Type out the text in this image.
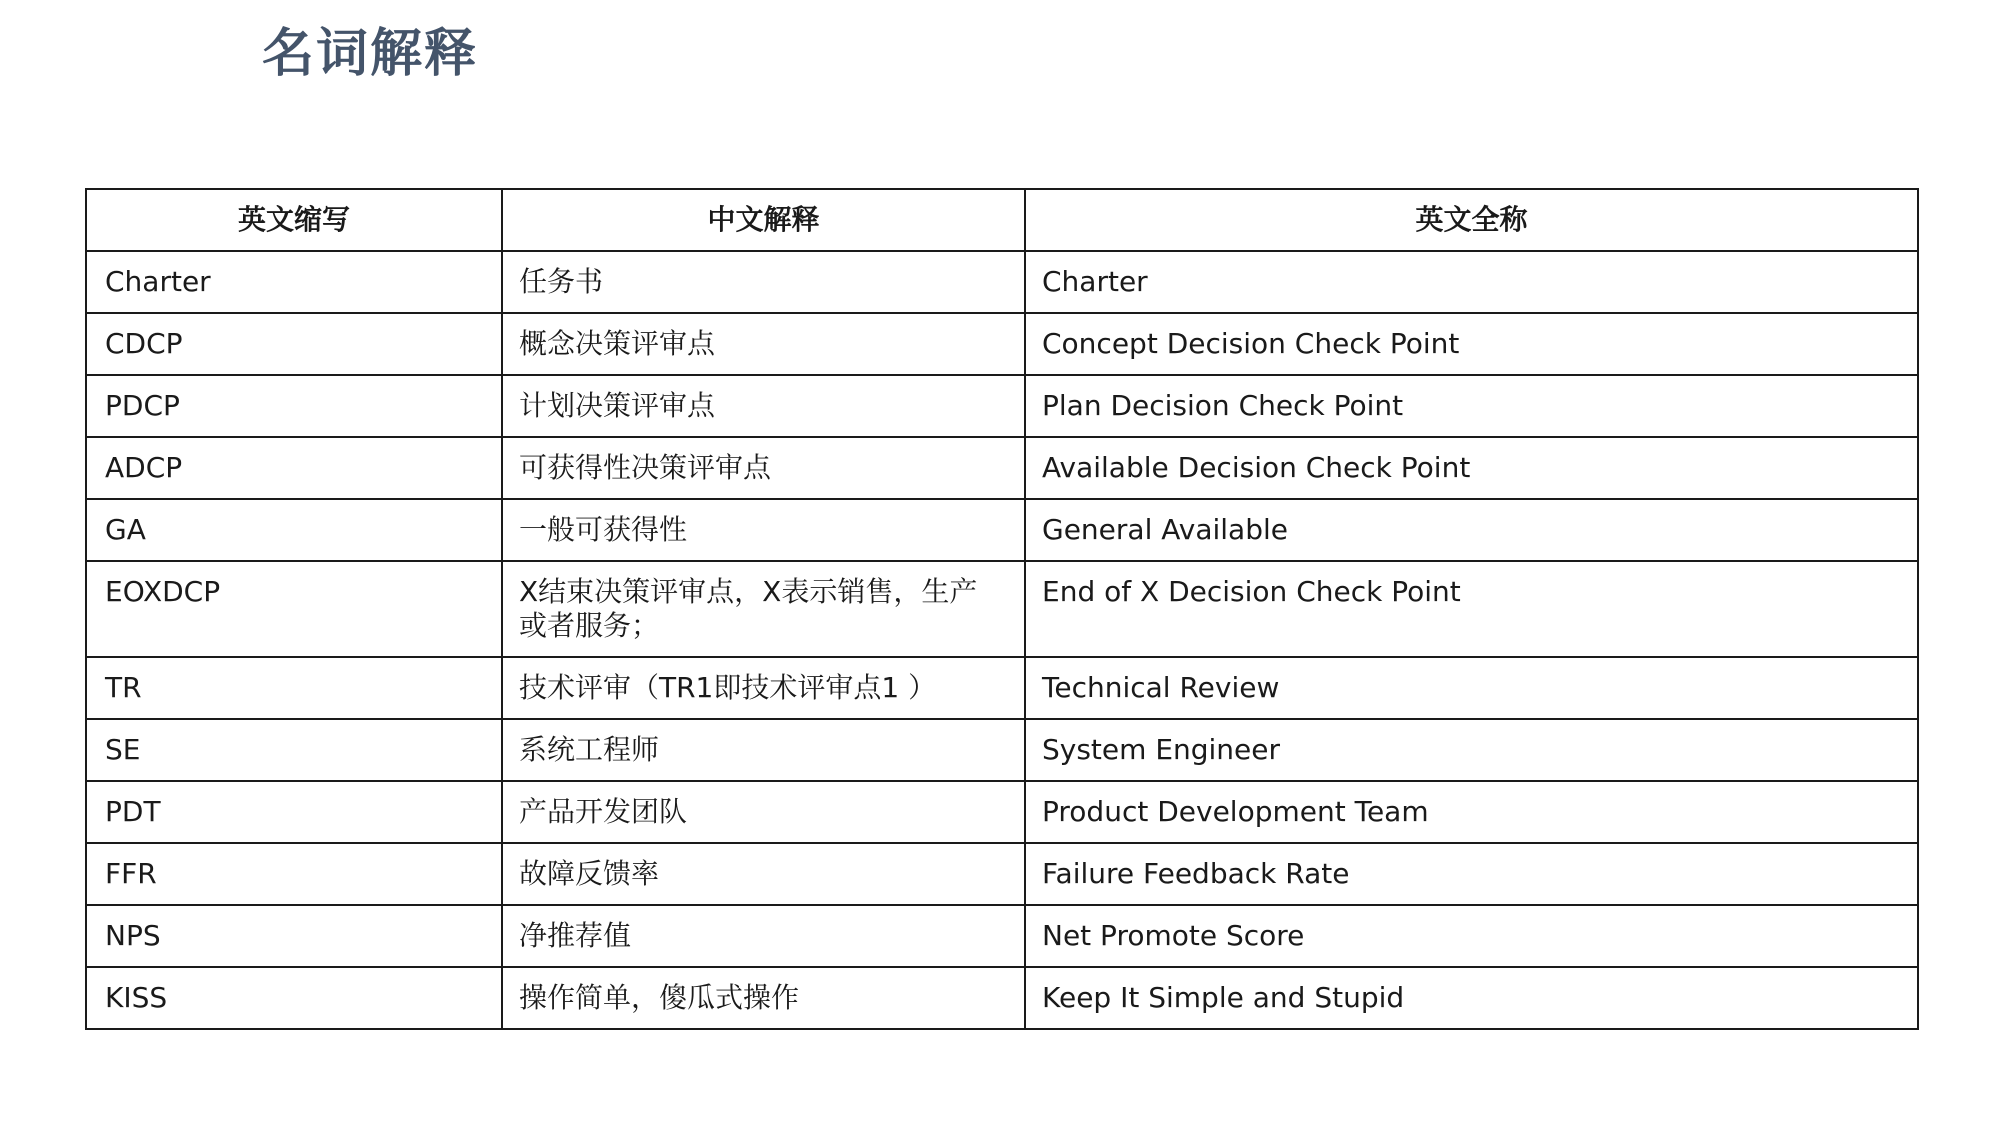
名词解释
英文缩写	中文解释	英文全称
Charter	任务书	Charter
CDCP	概念决策评审点	Concept Decision Check Point
PDCP	计划决策评审点	Plan Decision Check Point
ADCP	可获得性决策评审点	Available Decision Check Point
GA	一般可获得性	General Available
EOXDCP	X结束决策评审点，X表示销售，生产或者服务；	End of X Decision Check Point
TR	技术评审（TR1即技术评审点1 ）	Technical Review
SE	系统工程师	System Engineer
PDT	产品开发团队	Product Development Team
FFR	故障反馈率	Failure Feedback Rate
NPS	净推荐值	Net Promote Score
KISS	操作简单，傻瓜式操作	Keep It Simple and Stupid
